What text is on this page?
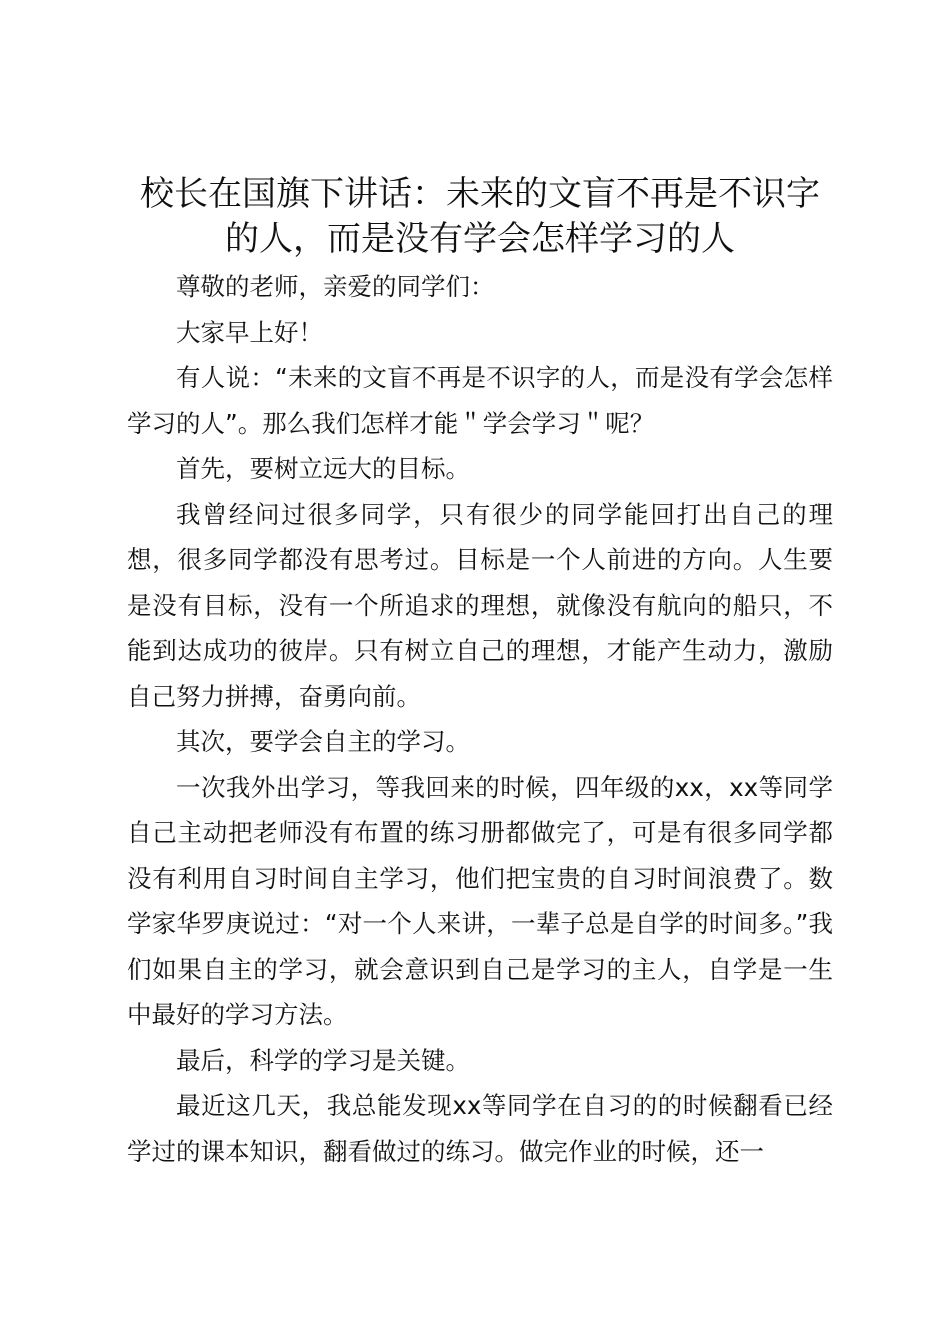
校长在国旗下讲话：未来的文盲不再是不识字
的人，而是没有学会怎样学习的人

尊敬的老师，亲爱的同学们：

大家早上好！

有人说：“未来的文盲不再是不识字的人，而是没有学会怎样学习的人”。那么我们怎样才能＂学会学习＂呢？

首先，要树立远大的目标。

我曾经问过很多同学，只有很少的同学能回打出自己的理想，很多同学都没有思考过。目标是一个人前进的方向。人生要是没有目标，没有一个所追求的理想，就像没有航向的船只，不能到达成功的彼岸。只有树立自己的理想，才能产生动力，激励自己努力拼搏，奋勇向前。

其次，要学会自主的学习。

一次我外出学习，等我回来的时候，四年级的xx，xx等同学自己主动把老师没有布置的练习册都做完了，可是有很多同学都没有利用自习时间自主学习，他们把宝贵的自习时间浪费了。数学家华罗庚说过：“对一个人来讲，一辈子总是自学的时间多。”我们如果自主的学习，就会意识到自己是学习的主人，自学是一生中最好的学习方法。

最后，科学的学习是关键。

最近这几天，我总能发现xx等同学在自习的的时候翻看已经学过的课本知识，翻看做过的练习。做完作业的时候，还一
